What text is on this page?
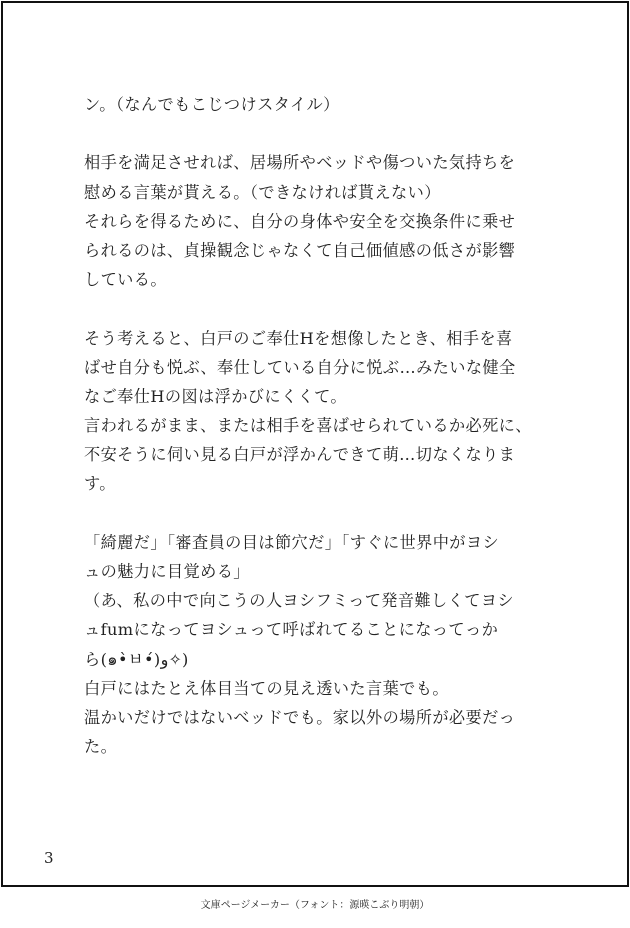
ン。（なんでもこじつけスタイル）
相手を満足させれば、居場所やベッドや傷ついた気持ちを
慰める言葉が貰える。（できなければ貰えない）
それらを得るために、自分の身体や安全を交換条件に乗せ
られるのは、貞操観念じゃなくて自己価値感の低さが影響
している。
そう考えると、白戸のご奉仕Hを想像したとき、相手を喜
ばせ自分も悦ぶ、奉仕している自分に悦ぶ…みたいな健全
なご奉仕Hの図は浮かびにくくて。
言われるがまま、または相手を喜ばせられているか必死に、
不安そうに伺い見る白戸が浮かんできて萌…切なくなりま
す。
「綺麗だ」「審査員の目は節穴だ」「すぐに世界中がヨシ
ュの魅力に目覚める」
（あ、私の中で向こうの人ヨシフミって発音難しくてヨシ
ュfumになってヨシュって呼ばれてることになってっか
ら(๑•̀ㅂ•́)و✧)
白戸にはたとえ体目当ての見え透いた言葉でも。
温かいだけではないベッドでも。家以外の場所が必要だっ
た。
3
文庫ページメーカー（フォント：源暎こぶり明朝）
